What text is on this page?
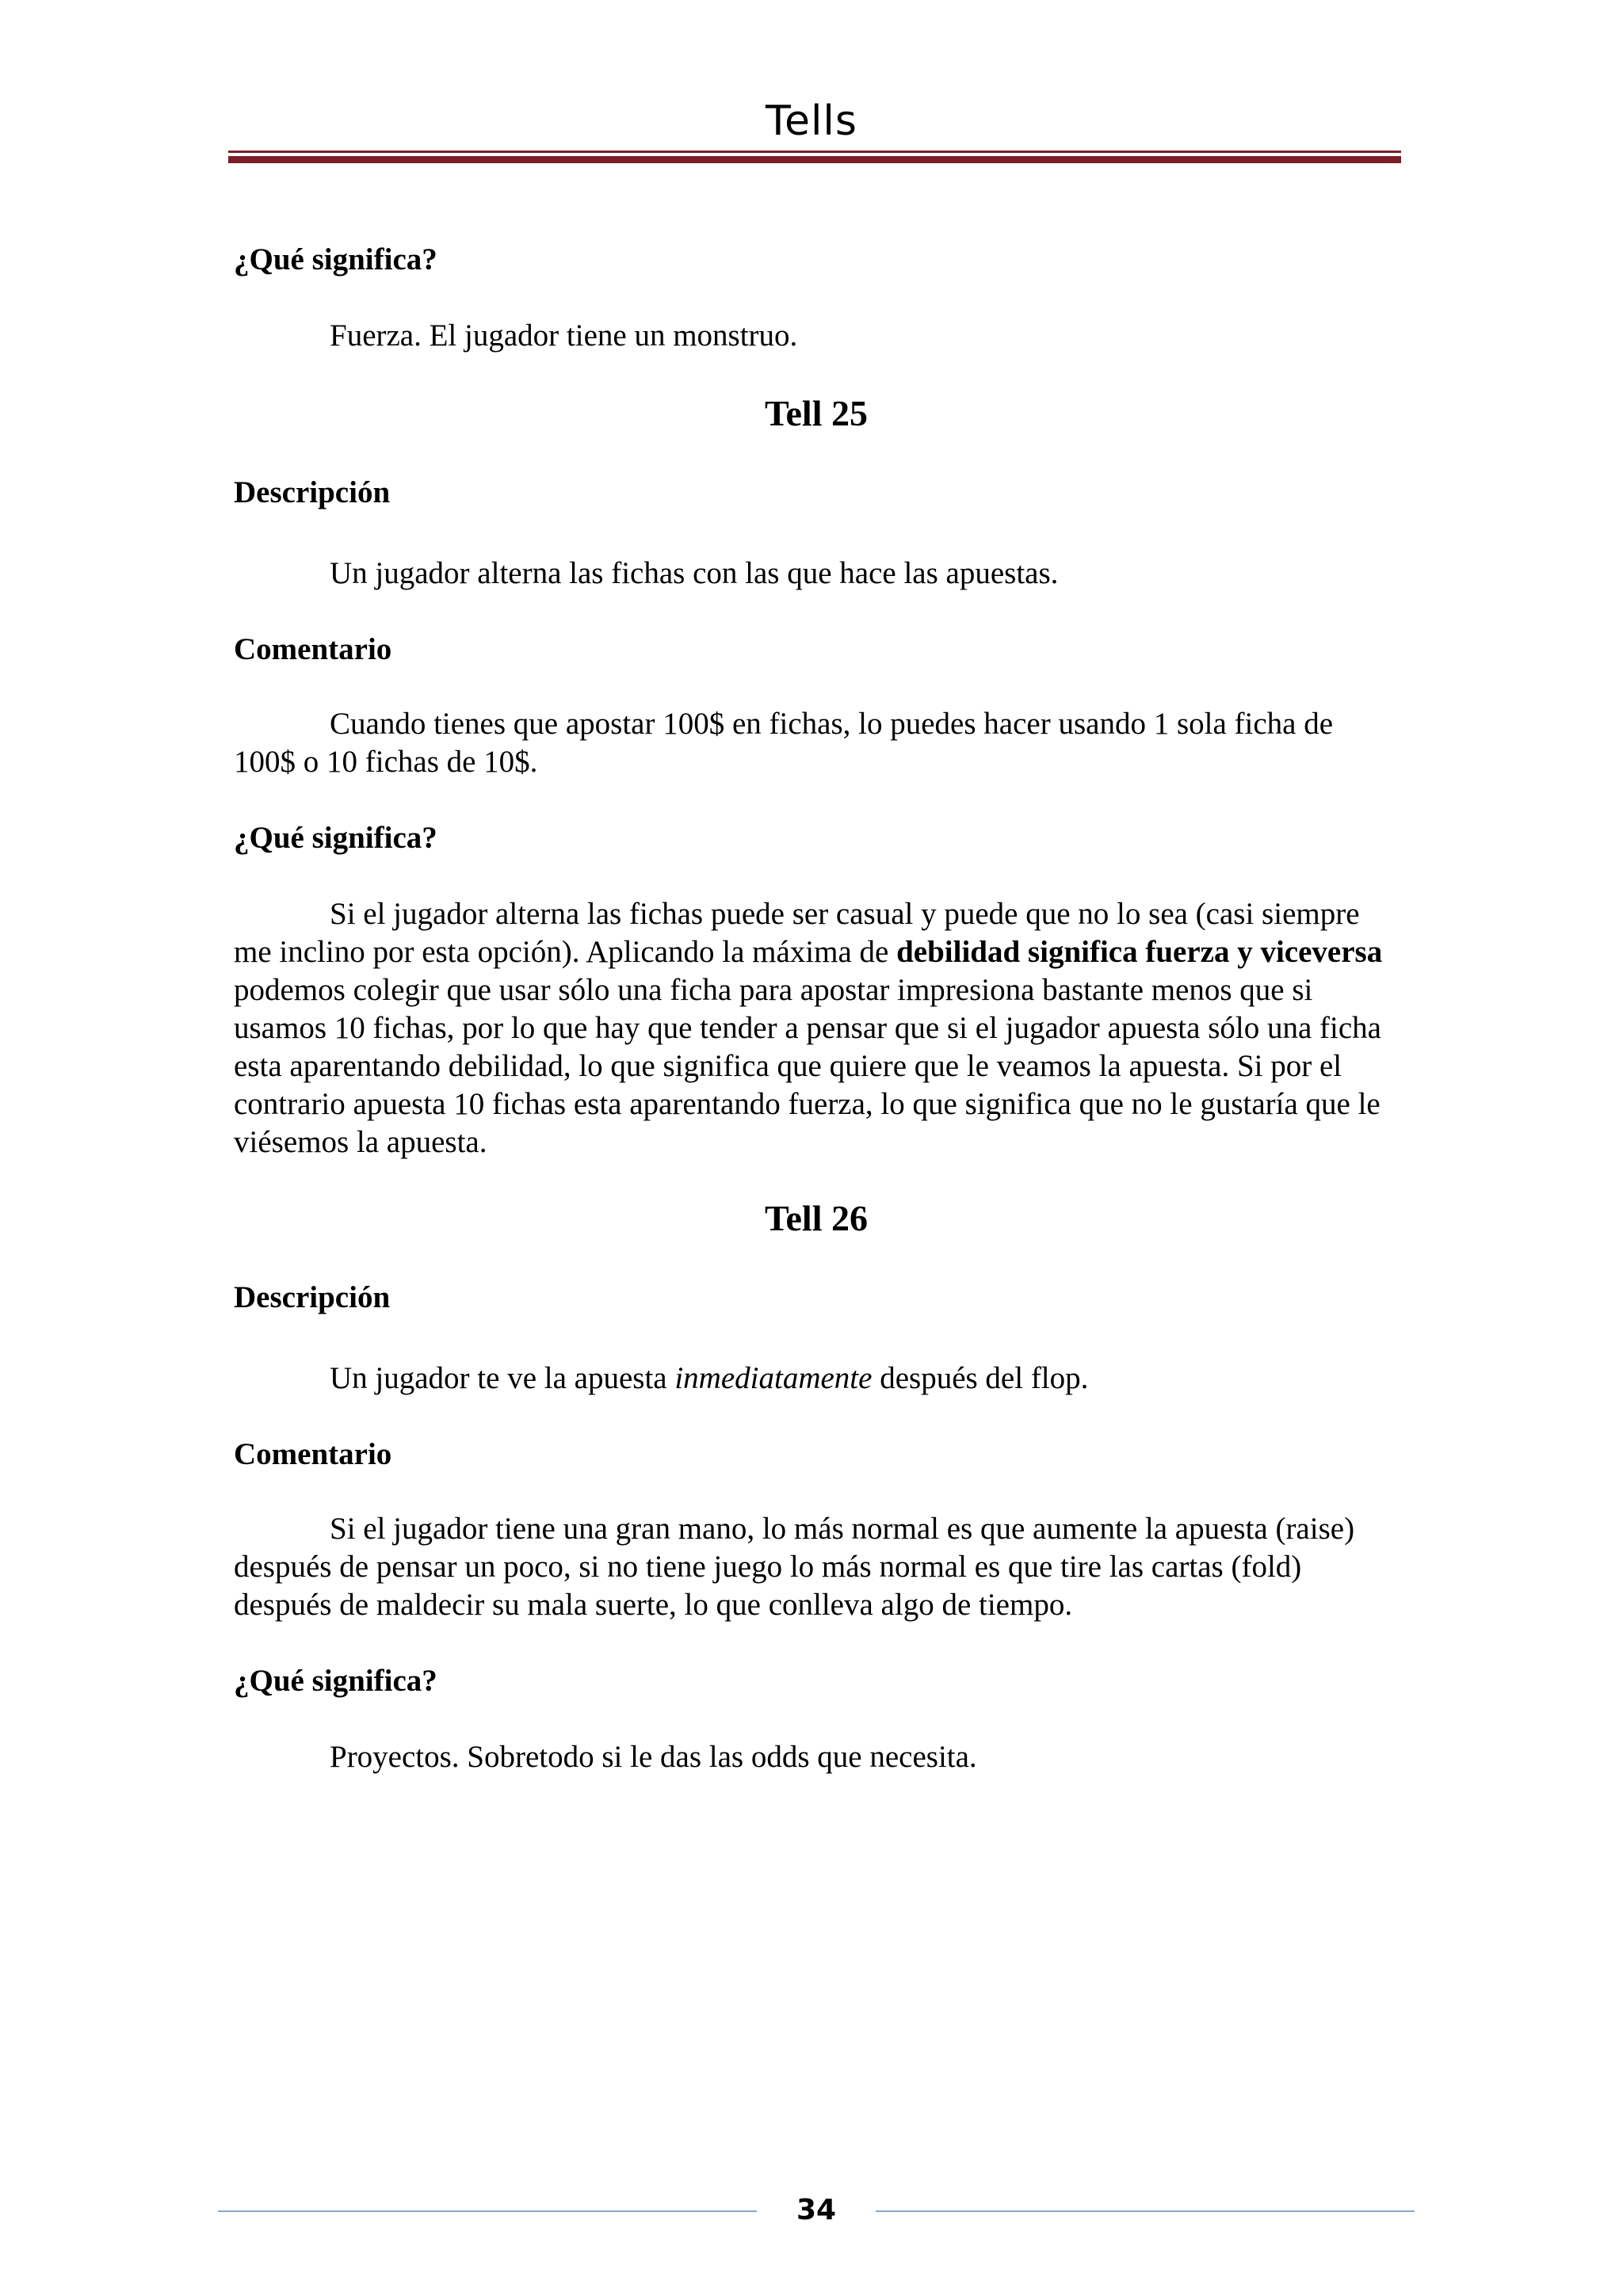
Tells
¿Qué significa?
Fuerza. El jugador tiene un monstruo.
Tell 25
Descripción
Un jugador alterna las fichas con las que hace las apuestas.
Comentario
Cuando tienes que apostar 100$ en fichas, lo puedes hacer usando 1 sola ficha de 100$ o 10 fichas de 10$.
¿Qué significa?
Si el jugador alterna las fichas puede ser casual y puede que no lo sea (casi siempre me inclino por esta opción). Aplicando la máxima de debilidad significa fuerza y viceversa podemos colegir que usar sólo una ficha para apostar impresiona bastante menos que si usamos 10 fichas, por lo que hay que tender a pensar que si el jugador apuesta sólo una ficha esta aparentando debilidad, lo que significa que quiere que le veamos la apuesta. Si por el contrario apuesta 10 fichas esta aparentando fuerza, lo que significa que no le gustaría que le viésemos la apuesta.
Tell 26
Descripción
Un jugador te ve la apuesta inmediatamente después del flop.
Comentario
Si el jugador tiene una gran mano, lo más normal es que aumente la apuesta (raise) después de pensar un poco, si no tiene juego lo más normal es que tire las cartas (fold) después de maldecir su mala suerte, lo que conlleva algo de tiempo.
¿Qué significa?
Proyectos. Sobretodo si le das las odds que necesita.
34
